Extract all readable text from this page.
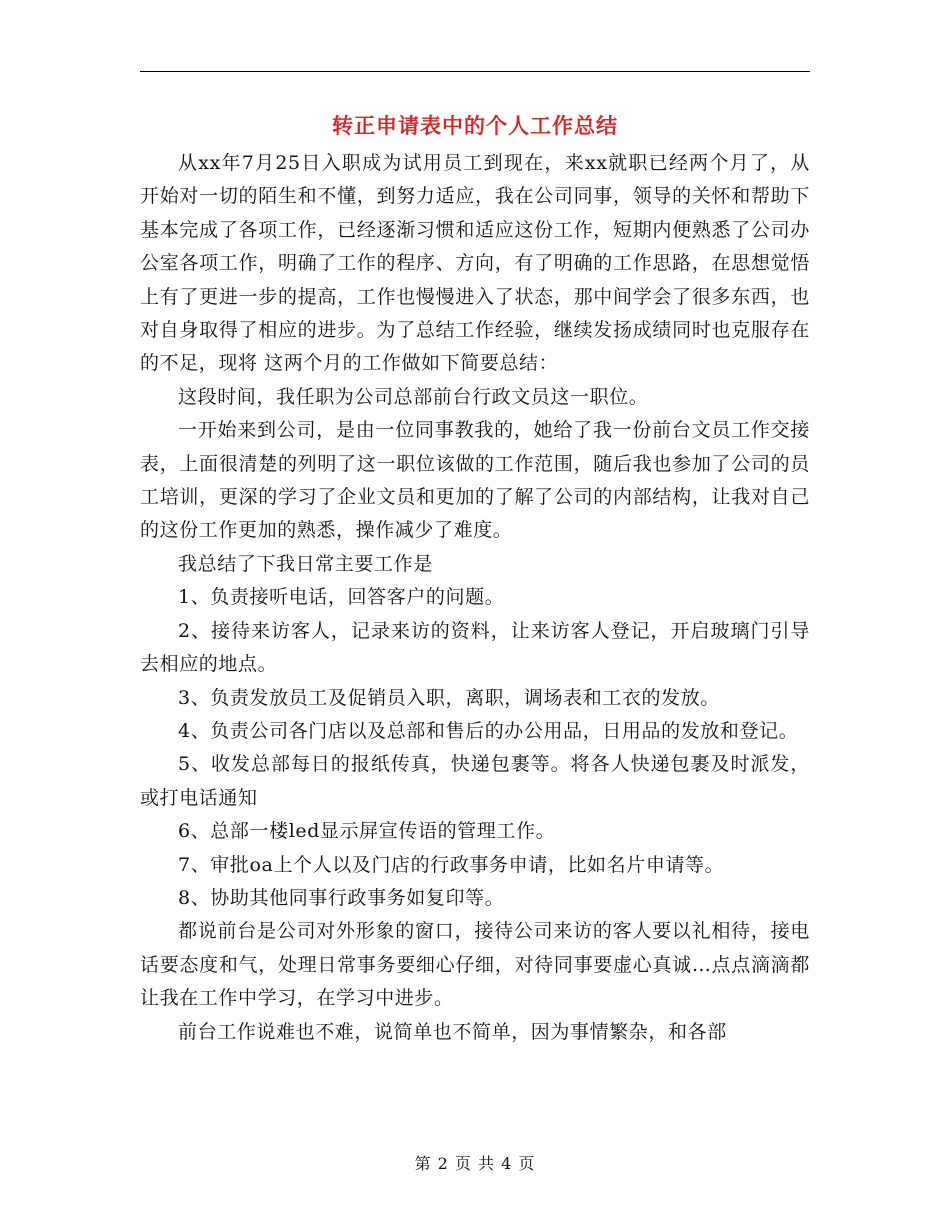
转正申请表中的个人工作总结

从xx年7月25日入职成为试用员工到现在，来xx就职已经两个月了，从开始对一切的陌生和不懂，到努力适应，我在公司同事，领导的关怀和帮助下基本完成了各项工作，已经逐渐习惯和适应这份工作，短期内便熟悉了公司办公室各项工作，明确了工作的程序、方向，有了明确的工作思路，在思想觉悟上有了更进一步的提高，工作也慢慢进入了状态，那中间学会了很多东西，也对自身取得了相应的进步。为了总结工作经验，继续发扬成绩同时也克服存在的不足，现将 这两个月的工作做如下简要总结：

这段时间，我任职为公司总部前台行政文员这一职位。

一开始来到公司，是由一位同事教我的，她给了我一份前台文员工作交接表，上面很清楚的列明了这一职位该做的工作范围，随后我也参加了公司的员工培训，更深的学习了企业文员和更加的了解了公司的内部结构，让我对自己的这份工作更加的熟悉，操作减少了难度。

我总结了下我日常主要工作是

1、负责接听电话，回答客户的问题。

2、接待来访客人，记录来访的资料，让来访客人登记，开启玻璃门引导去相应的地点。

3、负责发放员工及促销员入职，离职，调场表和工衣的发放。

4、负责公司各门店以及总部和售后的办公用品，日用品的发放和登记。

5、收发总部每日的报纸传真，快递包裹等。将各人快递包裹及时派发，或打电话通知

6、总部一楼led显示屏宣传语的管理工作。

7、审批oa上个人以及门店的行政事务申请，比如名片申请等。

8、协助其他同事行政事务如复印等。

都说前台是公司对外形象的窗口，接待公司来访的客人要以礼相待，接电话要态度和气，处理日常事务要细心仔细，对待同事要虚心真诚…点点滴滴都让我在工作中学习，在学习中进步。

前台工作说难也不难，说简单也不简单，因为事情繁杂，和各部

第 2 页 共 4 页
